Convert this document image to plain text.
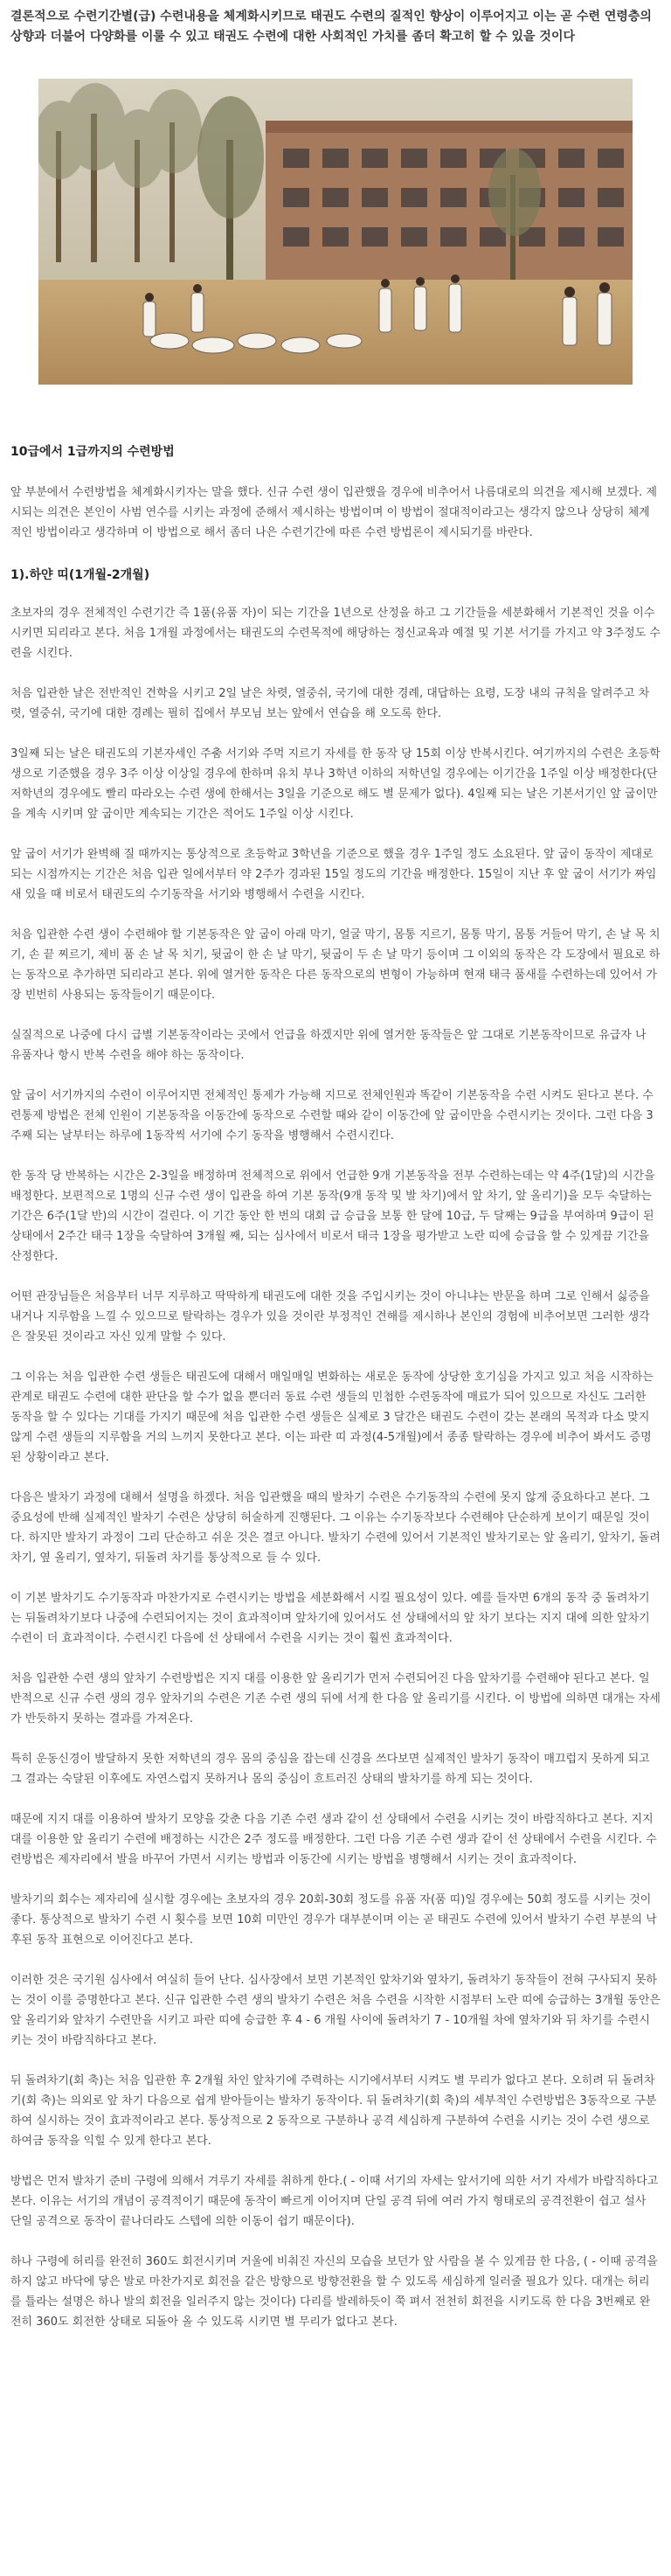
결론적으로 수련기간별(급) 수련내용을 체계화시키므로 태권도 수련의 질적인 향상이 이루어지고 이는 곧 수련 연령층의 상향과 더불어 다양화를 이룰 수 있고 태권도 수련에 대한 사회적인 가치를 좀더 확고히 할 수 있을 것이다

10급에서 1급까지의 수련방법

앞 부분에서 수련방법을 체계화시키자는 말을 했다. 신규 수련 생이 입관했을 경우에 비추어서 나름대로의 의견을 제시해 보겠다. 제시되는 의견은 본인이 사범 연수를 시키는 과정에 준해서 제시하는 방법이며 이 방법이 절대적이라고는 생각지 않으나 상당히 체계적인 방법이라고 생각하며 이 방법으로 해서 좀더 나은 수련기간에 따른 수련 방법론이 제시되기를 바란다.

1).하얀 띠(1개월-2개월)

초보자의 경우 전체적인 수련기간 즉 1품(유품 자)이 되는 기간을 1년으로 산정을 하고 그 기간들을 세분화해서 기본적인 것을 이수시키면 되리라고 본다. 처음 1개월 과정에서는 태권도의 수련목적에 해당하는 정신교육과 예절 및 기본 서기를 가지고 약 3주정도 수련을 시킨다.

처음 입관한 날은 전반적인 견학을 시키고 2일 날은 차렷, 열중쉬, 국기에 대한 경례, 대답하는 요령, 도장 내의 규칙을 알려주고 차렷, 열중쉬, 국기에 대한 경례는 필히 집에서 부모님 보는 앞에서 연습을 해 오도록 한다.

3일째 되는 날은 태권도의 기본자세인 주춤 서기와 주먹 지르기 자세를 한 동작 당 15회 이상 반복시킨다. 여기까지의 수련은 초등학생으로 기준했을 경우 3주 이상 이상일 경우에 한하며 유치 부나 3학년 이하의 저학년일 경우에는 이기간을 1주일 이상 배정한다(단 저학년의 경우에도 빨리 따라오는 수련 생에 한해서는 3일을 기준으로 해도 별 문제가 없다). 4일째 되는 날은 기본서기인 앞 굽이만을 계속 시키며 앞 굽이만 계속되는 기간은 적어도 1주일 이상 시킨다.

앞 굽이 서기가 완벽해 질 때까지는 통상적으로 초등학교 3학년을 기준으로 했을 경우 1주일 정도 소요된다. 앞 굽이 동작이 제대로 되는 시점까지는 기간은 처음 입관 일에서부터 약 2주가 경과된 15일 정도의 기간을 배정한다. 15일이 지난 후 앞 굽이 서기가 짜임새 있을 때 비로서 태권도의 수기동작을 서기와 병행해서 수련을 시킨다.

처음 입관한 수련 생이 수련해야 할 기본동작은 앞 굽이 아래 막기, 얼굴 막기, 몸통 지르기, 몸통 막기, 몸통 거들어 막기, 손 날 목 치기, 손 끝 찌르기, 제비 품 손 날 목 치기, 뒷굽이 한 손 날 막기, 뒷굽이 두 손 날 막기 등이며 그 이외의 동작은 각 도장에서 필요로 하는 동작으로 추가하면 되리라고 본다. 위에 열거한 동작은 다른 동작으로의 변형이 가능하며 현재 태극 품새를 수련하는데 있어서 가장 빈번히 사용되는 동작들이기 때문이다.

실질적으로 나중에 다시 급별 기본동작이라는 곳에서 언급을 하겠지만 위에 열거한 동작들은 앞 그대로 기본동작이므로 유급자 나 유품자나 항시 반복 수련을 해야 하는 동작이다.

앞 굽이 서기까지의 수련이 이루어지면 전체적인 통제가 가능해 지므로 전체인원과 똑같이 기본동작을 수련 시켜도 된다고 본다. 수련통제 방법은 전체 인원이 기본동작을 이동간에 동작으로 수련할 때와 같이 이동간에 앞 굽이만을 수련시키는 것이다. 그런 다음 3 주째 되는 날부터는 하루에 1동작씩 서기에 수기 동작을 병행해서 수련시킨다.

한 동작 당 반복하는 시간은 2-3일을 배정하며 전체적으로 위에서 언급한 9개 기본동작을 전부 수련하는데는 약 4주(1달)의 시간을 배정한다. 보편적으로 1명의 신규 수련 생이 입관을 하여 기본 동작(9개 동작 및 발 차기)에서 앞 차기, 앞 올리기)을 모두 숙달하는 기간은 6주(1달 반)의 시간이 걸린다. 이 기간 동안 한 번의 대회 급 승급을 보통 한 달에 10급, 두 달째는 9급을 부여하며 9급이 된 상태에서 2주간 태극 1장을 숙달하여 3개월 째, 되는 심사에서 비로서 태극 1장을 평가받고 노란 띠에 승급을 할 수 있게끔 기간을 산정한다.

어떤 관장님들은 처음부터 너무 지루하고 딱딱하게 태권도에 대한 것을 주입시키는 것이 아니냐는 반문을 하며 그로 인해서 싫증을 내거나 지루함을 느낄 수 있으므로 탈락하는 경우가 있을 것이란 부정적인 견해를 제시하나 본인의 경험에 비추어보면 그러한 생각은 잘못된 것이라고 자신 있게 말할 수 있다.

그 이유는 처음 입관한 수련 생들은 태권도에 대해서 매일매일 변화하는 새로운 동작에 상당한 호기심을 가지고 있고 처음 시작하는 관계로 태권도 수련에 대한 판단을 할 수가 없을 뿐더러 동료 수련 생들의 민첩한 수련동작에 매료가 되어 있으므로 자신도 그러한 동작을 할 수 있다는 기대를 가지기 때문에 처음 입관한 수련 생들은 실제로 3 달간은 태권도 수련이 갖는 본래의 목적과 다소 맞지 않게 수련 생들의 지루함을 거의 느끼지 못한다고 본다. 이는 파란 띠 과정(4-5개월)에서 종종 탈락하는 경우에 비추어 봐서도 증명된 상황이라고 본다.

다음은 발차기 과정에 대해서 설명을 하겠다. 처음 입관했을 때의 발차기 수련은 수기동작의 수련에 못지 않게 중요하다고 본다. 그 중요성에 반해 실제적인 발차기 수련은 상당히 허술하게 진행된다. 그 이유는 수기동작보다 수련해야 단순하게 보이기 때문일 것이다. 하지만 발차기 과정이 그리 단순하고 쉬운 것은 결코 아니다. 발차기 수련에 있어서 기본적인 발차기로는 앞 올리기, 앞차기, 돌려차기, 옆 올리기, 옆차기, 뒤돌려 차기를 통상적으로 들 수 있다.

이 기본 발차기도 수기동작과 마찬가지로 수련시키는 방법을 세분화해서 시킬 필요성이 있다. 예를 들자면 6개의 동작 중 돌려차기는 뒤돌려차기보다 나중에 수련되어지는 것이 효과적이며 앞차기에 있어서도 선 상태에서의 앞 차기 보다는 지지 대에 의한 앞차기 수련이 더 효과적이다. 수련시킨 다음에 선 상태에서 수련을 시키는 것이 훨씬 효과적이다.

처음 입관한 수련 생의 앞차기 수련방법은 지지 대를 이용한 앞 올리기가 먼저 수련되어진 다음 앞차기를 수련해야 된다고 본다. 일반적으로 신규 수련 생의 경우 앞차기의 수련은 기존 수련 생의 뒤에 서게 한 다음 앞 올리기를 시킨다. 이 방법에 의하면 대개는 자세가 반듯하지 못하는 결과를 가져온다.

특히 운동신경이 발달하지 못한 저학년의 경우 몸의 중심을 잡는데 신경을 쓰다보면 실제적인 발차기 동작이 매끄럽지 못하게 되고 그 결과는 숙달된 이후에도 자연스럽지 못하거나 몸의 중심이 흐트러진 상태의 발차기를 하게 되는 것이다.

때문에 지지 대를 이용하여 발차기 모양을 갖춘 다음 기존 수련 생과 같이 선 상태에서 수련을 시키는 것이 바람직하다고 본다. 지지 대를 이용한 앞 올리기 수련에 배정하는 시간은 2주 정도를 배정한다. 그런 다음 기존 수련 생과 같이 선 상태에서 수련을 시킨다. 수련방법은 제자리에서 발을 바꾸어 가면서 시키는 방법과 이동간에 시키는 방법을 병행해서 시키는 것이 효과적이다.

발차기의 회수는 제자리에 실시할 경우에는 초보자의 경우 20회-30회 정도를 유품 자(품 띠)일 경우에는 50회 정도를 시키는 것이 좋다. 통상적으로 발차기 수련 시 횟수를 보면 10회 미만인 경우가 대부분이며 이는 곧 태권도 수련에 있어서 발차기 수련 부분의 낙후된 동작 표현으로 이어진다고 본다.

이러한 것은 국기원 심사에서 여실히 들어 난다. 심사장에서 보면 기본적인 앞차기와 옆차기, 돌려차기 동작들이 전혀 구사되지 못하는 것이 이를 증명한다고 본다. 신규 입관한 수련 생의 발차기 수련은 처음 수련을 시작한 시점부터 노란 띠에 승급하는 3개월 동안은 앞 올리기와 앞차기 수련만을 시키고 파란 띠에 승급한 후 4 - 6 개월 사이에 돌려차기 7 - 10개월 차에 옆차기와 뒤 차기를 수련시키는 것이 바람직하다고 본다.

뒤 돌려차기(회 축)는 처음 입관한 후 2개월 차인 앞차기에 주력하는 시기에서부터 시켜도 별 무리가 없다고 본다. 오히려 뒤 돌려차기(회 축)는 의외로 앞 차기 다음으로 쉽게 받아들이는 발차기 동작이다. 뒤 돌려차기(회 축)의 세부적인 수련방법은 3동작으로 구분하여 실시하는 것이 효과적이라고 본다. 통상적으로 2 동작으로 구분하나 공격 세심하게 구분하여 수련을 시키는 것이 수련 생으로 하여금 동작을 익힐 수 있게 한다고 본다.

방법은 먼저 발차기 준비 구령에 의해서 겨루기 자세를 취하게 한다.( - 이때 서기의 자세는 앞서기에 의한 서기 자세가 바람직하다고 본다. 이유는 서기의 개념이 공격적이기 때문에 동작이 빠르게 이어지며 단일 공격 뒤에 여러 가지 형태로의 공격전환이 쉽고 설사 단일 공격으로 동작이 끝나더라도 스텝에 의한 이동이 쉽기 때문이다).

하나 구령에 허리를 완전히 360도 회전시키며 거울에 비춰진 자신의 모습을 보던가 앞 사람을 볼 수 있게끔 한 다음, ( - 이때 공격을 하지 않고 바닥에 닿은 발로 마찬가지로 회전을 같은 방향으로 방향전환을 할 수 있도록 세심하게 일러줄 필요가 있다. 대개는 허리를 틀라는 설명은 하나 발의 회전을 일러주지 않는 것이다) 다리를 발레하듯이 쭉 펴서 전천히 회전을 시키도록 한 다음 3번째로 완전히 360도 회전한 상태로 되돌아 올 수 있도록 시키면 별 무리가 없다고 본다.
